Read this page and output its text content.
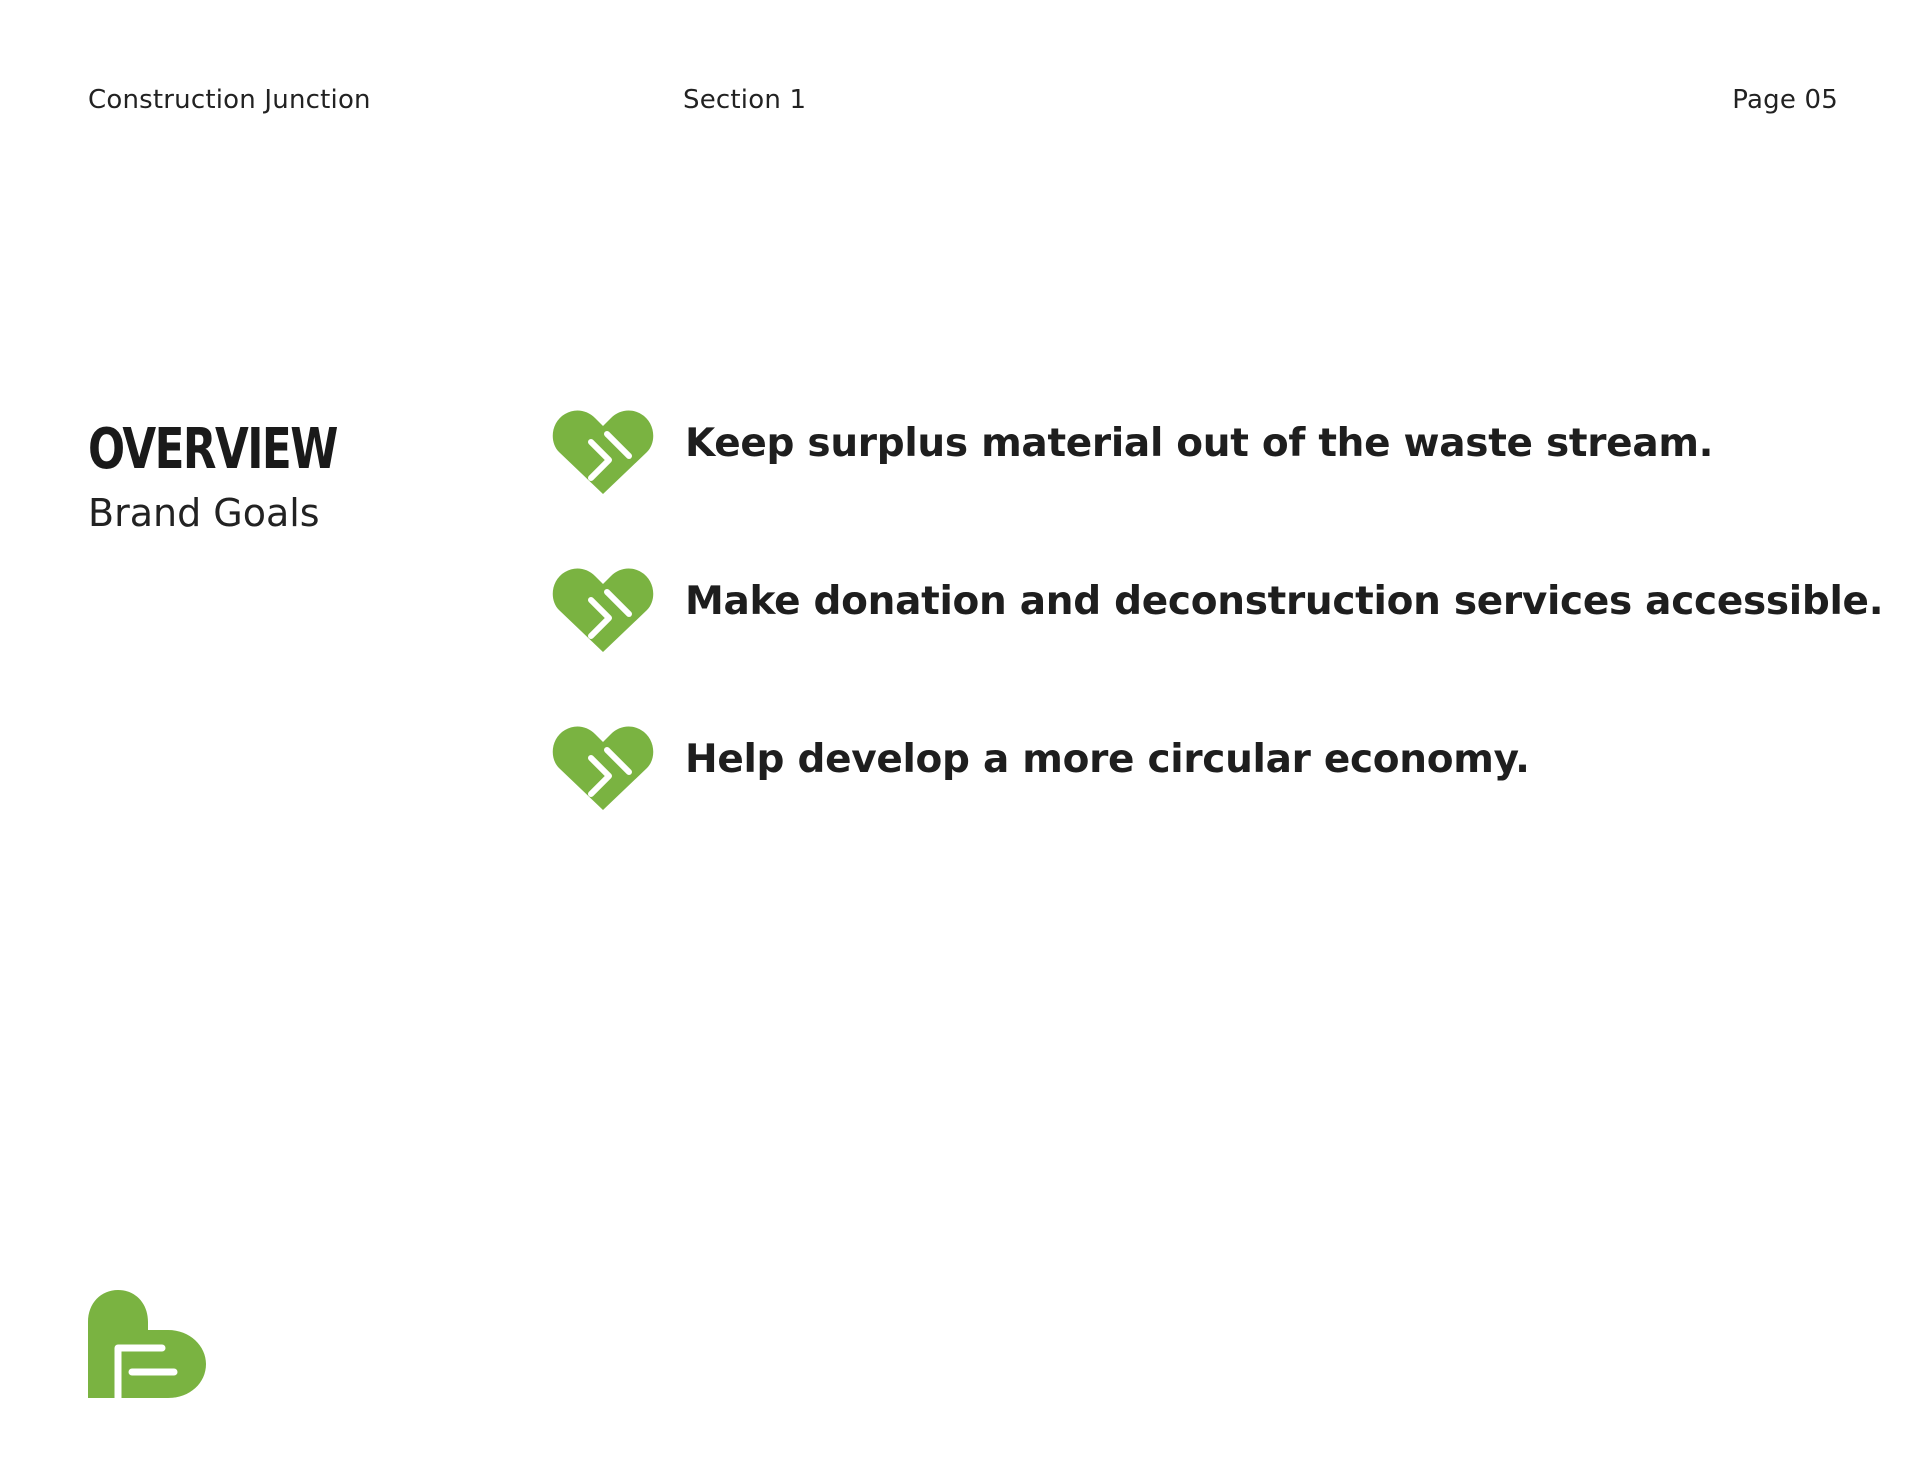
Construction Junction	Section 1	Page 05
OVERVIEW
Brand Goals
Keep surplus material out of the waste stream.
Make donation and deconstruction services accessible.
Help develop a more circular economy.
